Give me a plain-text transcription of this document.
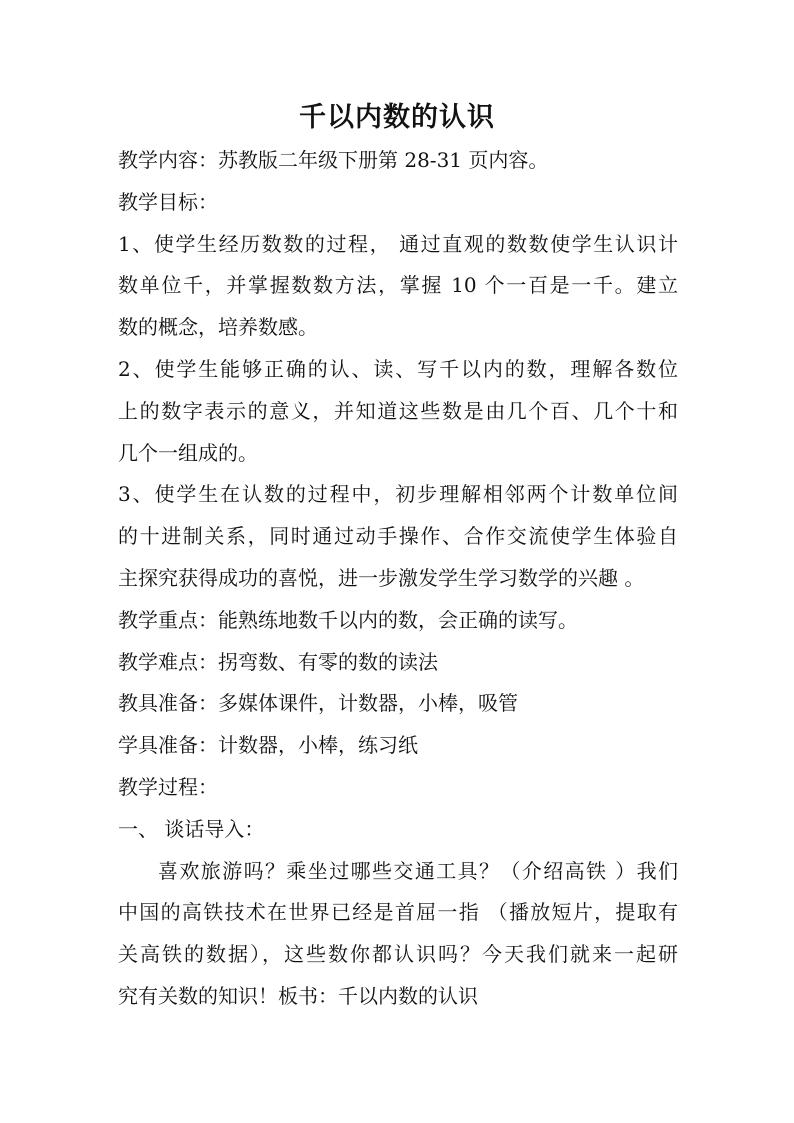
千以内数的认识
教学内容：苏教版二年级下册第 28-31 页内容。
教学目标：
1、使学生经历数数的过程， 通过直观的数数使学生认识计
数单位千，并掌握数数方法，掌握 10 个一百是一千。建立
数的概念，培养数感。
2、使学生能够正确的认、读、写千以内的数，理解各数位
上的数字表示的意义，并知道这些数是由几个百、几个十和
几个一组成的。
3、使学生在认数的过程中，初步理解相邻两个计数单位间
的十进制关系，同时通过动手操作、合作交流使学生体验自
主探究获得成功的喜悦，进一步激发学生学习数学的兴趣 。
教学重点：能熟练地数千以内的数，会正确的读写。
教学难点：拐弯数、有零的数的读法
教具准备：多媒体课件，计数器，小棒，吸管
学具准备：计数器，小棒，练习纸
教学过程：
一、 谈话导入：
喜欢旅游吗？乘坐过哪些交通工具？（介绍高铁 ）我们
中国的高铁技术在世界已经是首屈一指 （播放短片，提取有
关高铁的数据），这些数你都认识吗？今天我们就来一起研
究有关数的知识！板书：千以内数的认识
